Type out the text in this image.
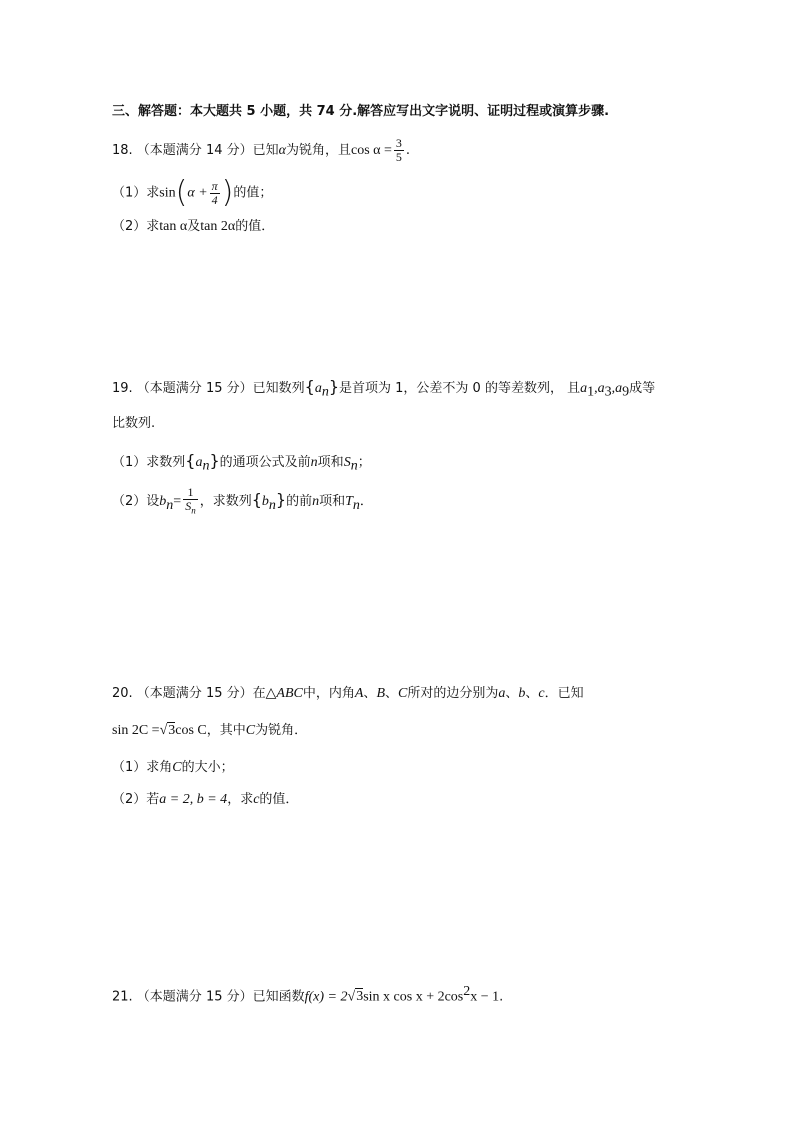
三、解答题：本大题共 5 小题，共 74 分.解答应写出文字说明、证明过程或演算步骤.
18. （本题满分 14 分）已知α为锐角，且$\cos \alpha = \frac{3}{5}$ .
（1）求$\sin(\alpha + \frac{\pi}{4}$ )的值；
（2）求tan α及tan 2α的值．
19. （本题满分 15 分）已知数列$\{a_n\}$是首项为 1，公差不为 0 的等差数列， 且$a_1,a_3,a_9$成等
比数列.
（1）求数列$\{a_n\}$的通项公式及前n项和$S_n$；
（2）设$b_n= \frac{1}{S_n}$ ，求数列$\{b_n\}$的前n项和$T_n$．
20. （本题满分 15 分）在△ABC中，内角A、B、C所对的边分别为a、b、c．已知
sin 2C =√3cos C，其中C为锐角．
（1）求角C的大小；
（2）若a = 2, b = 4，求c的值．
21. （本题满分 15 分）已知函数f(x) = 2√3sin x $\cos x + 2\cos^2x - 1$.
